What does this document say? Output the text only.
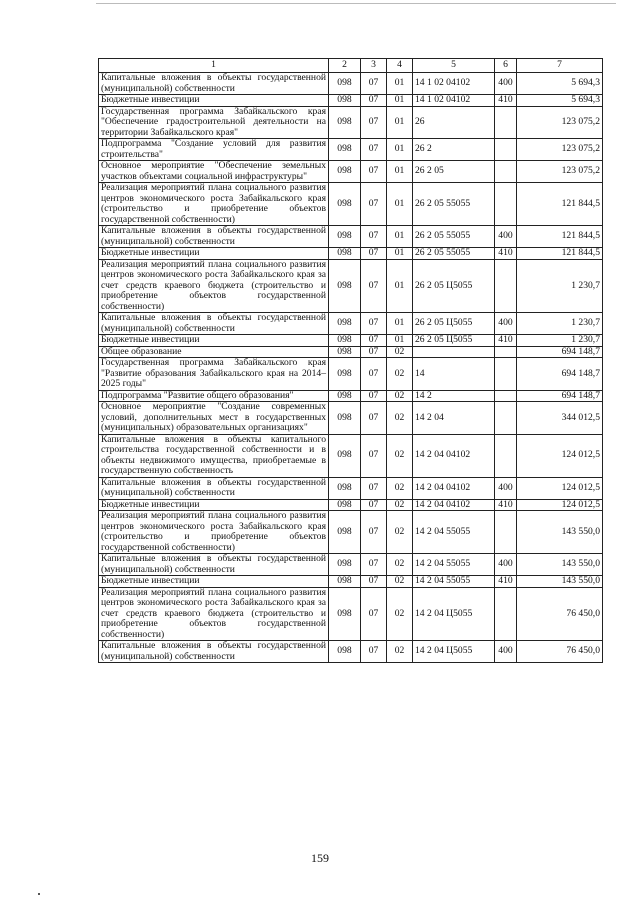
1	2	3	4	5	6	7
Капитальные вложения в объекты государственной (муниципальной) собственности	098	07	01	14 1 02 04102	400	5 694,3
Бюджетные инвестиции	098	07	01	14 1 02 04102	410	5 694,3
Государственная программа Забайкальского края "Обеспечение градостроительной деятельности на территории Забайкальского края"	098	07	01	26		123 075,2
Подпрограмма "Создание условий для развития строительства"	098	07	01	26 2		123 075,2
Основное мероприятие "Обеспечение земельных участков объектами социальной инфраструктуры"	098	07	01	26 2 05		123 075,2
Реализация мероприятий плана социального развития центров экономического роста Забайкальского края (строительство и приобретение объектов государственной собственности)	098	07	01	26 2 05 55055		121 844,5
Капитальные вложения в объекты государственной (муниципальной) собственности	098	07	01	26 2 05 55055	400	121 844,5
Бюджетные инвестиции	098	07	01	26 2 05 55055	410	121 844,5
Реализация мероприятий плана социального развития центров экономического роста Забайкальского края за счет средств краевого бюджета (строительство и приобретение объектов государственной собственности)	098	07	01	26 2 05 Ц5055		1 230,7
Капитальные вложения в объекты государственной (муниципальной) собственности	098	07	01	26 2 05 Ц5055	400	1 230,7
Бюджетные инвестиции	098	07	01	26 2 05 Ц5055	410	1 230,7
Общее образование	098	07	02			694 148,7
Государственная программа Забайкальского края "Развитие образования Забайкальского края на 2014–2025 годы"	098	07	02	14		694 148,7
Подпрограмма "Развитие общего образования"	098	07	02	14 2		694 148,7
Основное мероприятие "Создание современных условий, дополнительных мест в государственных (муниципальных) образовательных организациях"	098	07	02	14 2 04		344 012,5
Капитальные вложения в объекты капитального строительства государственной собственности и в объекты недвижимого имущества, приобретаемые в государственную собственность	098	07	02	14 2 04 04102		124 012,5
Капитальные вложения в объекты государственной (муниципальной) собственности	098	07	02	14 2 04 04102	400	124 012,5
Бюджетные инвестиции	098	07	02	14 2 04 04102	410	124 012,5
Реализация мероприятий плана социального развития центров экономического роста Забайкальского края (строительство и приобретение объектов государственной собственности)	098	07	02	14 2 04 55055		143 550,0
Капитальные вложения в объекты государственной (муниципальной) собственности	098	07	02	14 2 04 55055	400	143 550,0
Бюджетные инвестиции	098	07	02	14 2 04 55055	410	143 550,0
Реализация мероприятий плана социального развития центров экономического роста Забайкальского края за счет средств краевого бюджета (строительство и приобретение объектов государственной собственности)	098	07	02	14 2 04 Ц5055		76 450,0
Капитальные вложения в объекты государственной (муниципальной) собственности	098	07	02	14 2 04 Ц5055	400	76 450,0
159
